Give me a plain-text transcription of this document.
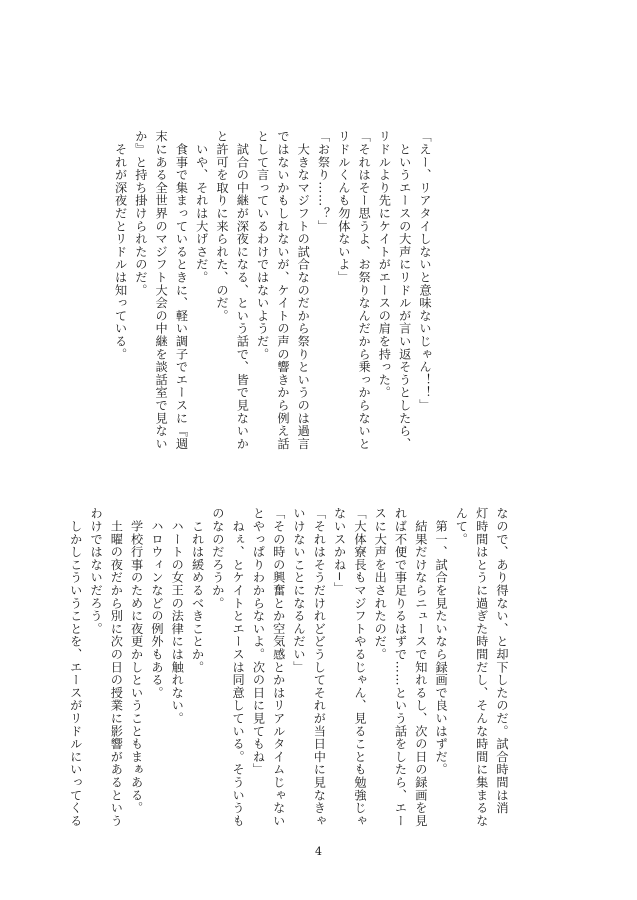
「えー、リアタイしないと意味ないじゃん！！」
　というエースの大声にリドルが言い返そうとしたら、
リドルより先にケイトがエースの肩を持った。
「それはそー思うよ、お祭りなんだから乗っからないと
リドルくんも勿体ないよ」
「お祭り……？」
　大きなマジフトの試合なのだから祭りというのは過言
ではないかもしれないが、ケイトの声の響きから例え話
として言っているわけではないようだ。
　試合の中継が深夜になる、という話で、皆で見ないか
と許可を取りに来られた、のだ。
　いや、それは大げさだ。
　食事で集まっているときに、軽い調子でエースに『週
末にある全世界のマジフト大会の中継を談話室で見ない
か』と持ち掛けられたのだ。
　それが深夜だとリドルは知っている。
なので、あり得ない、と却下したのだ。試合時間は消
灯時間はとうに過ぎた時間だし、そんな時間に集まるな
んて。
　第一、試合を見たいなら録画で良いはずだ。
　結果だけならニュースで知れるし、次の日の録画を見
れば不便で事足りるはずで……という話をしたら、エー
スに大声を出されたのだ。
「大体寮長もマジフトやるじゃん、見ることも勉強じゃ
ないスかね−」
「それはそうだけれどどうしてそれが当日中に見なきゃ
いけないことになるんだい」
「その時の興奮とか空気感とかはリアルタイムじゃない
とやっぱりわからないよ。次の日に見てもね」
　ねぇ、とケイトとエースは同意している。そういうも
のなのだろうか。
　これは緩めるべきことか。
　ハートの女王の法律には触れない。
　ハロウィンなどの例外もある。
　学校行事のために夜更かしということもまぁある。
　土曜の夜だから別に次の日の授業に影響があるという
わけではないだろう。
　しかしこういうことを、エースがリドルにいってくる
4
